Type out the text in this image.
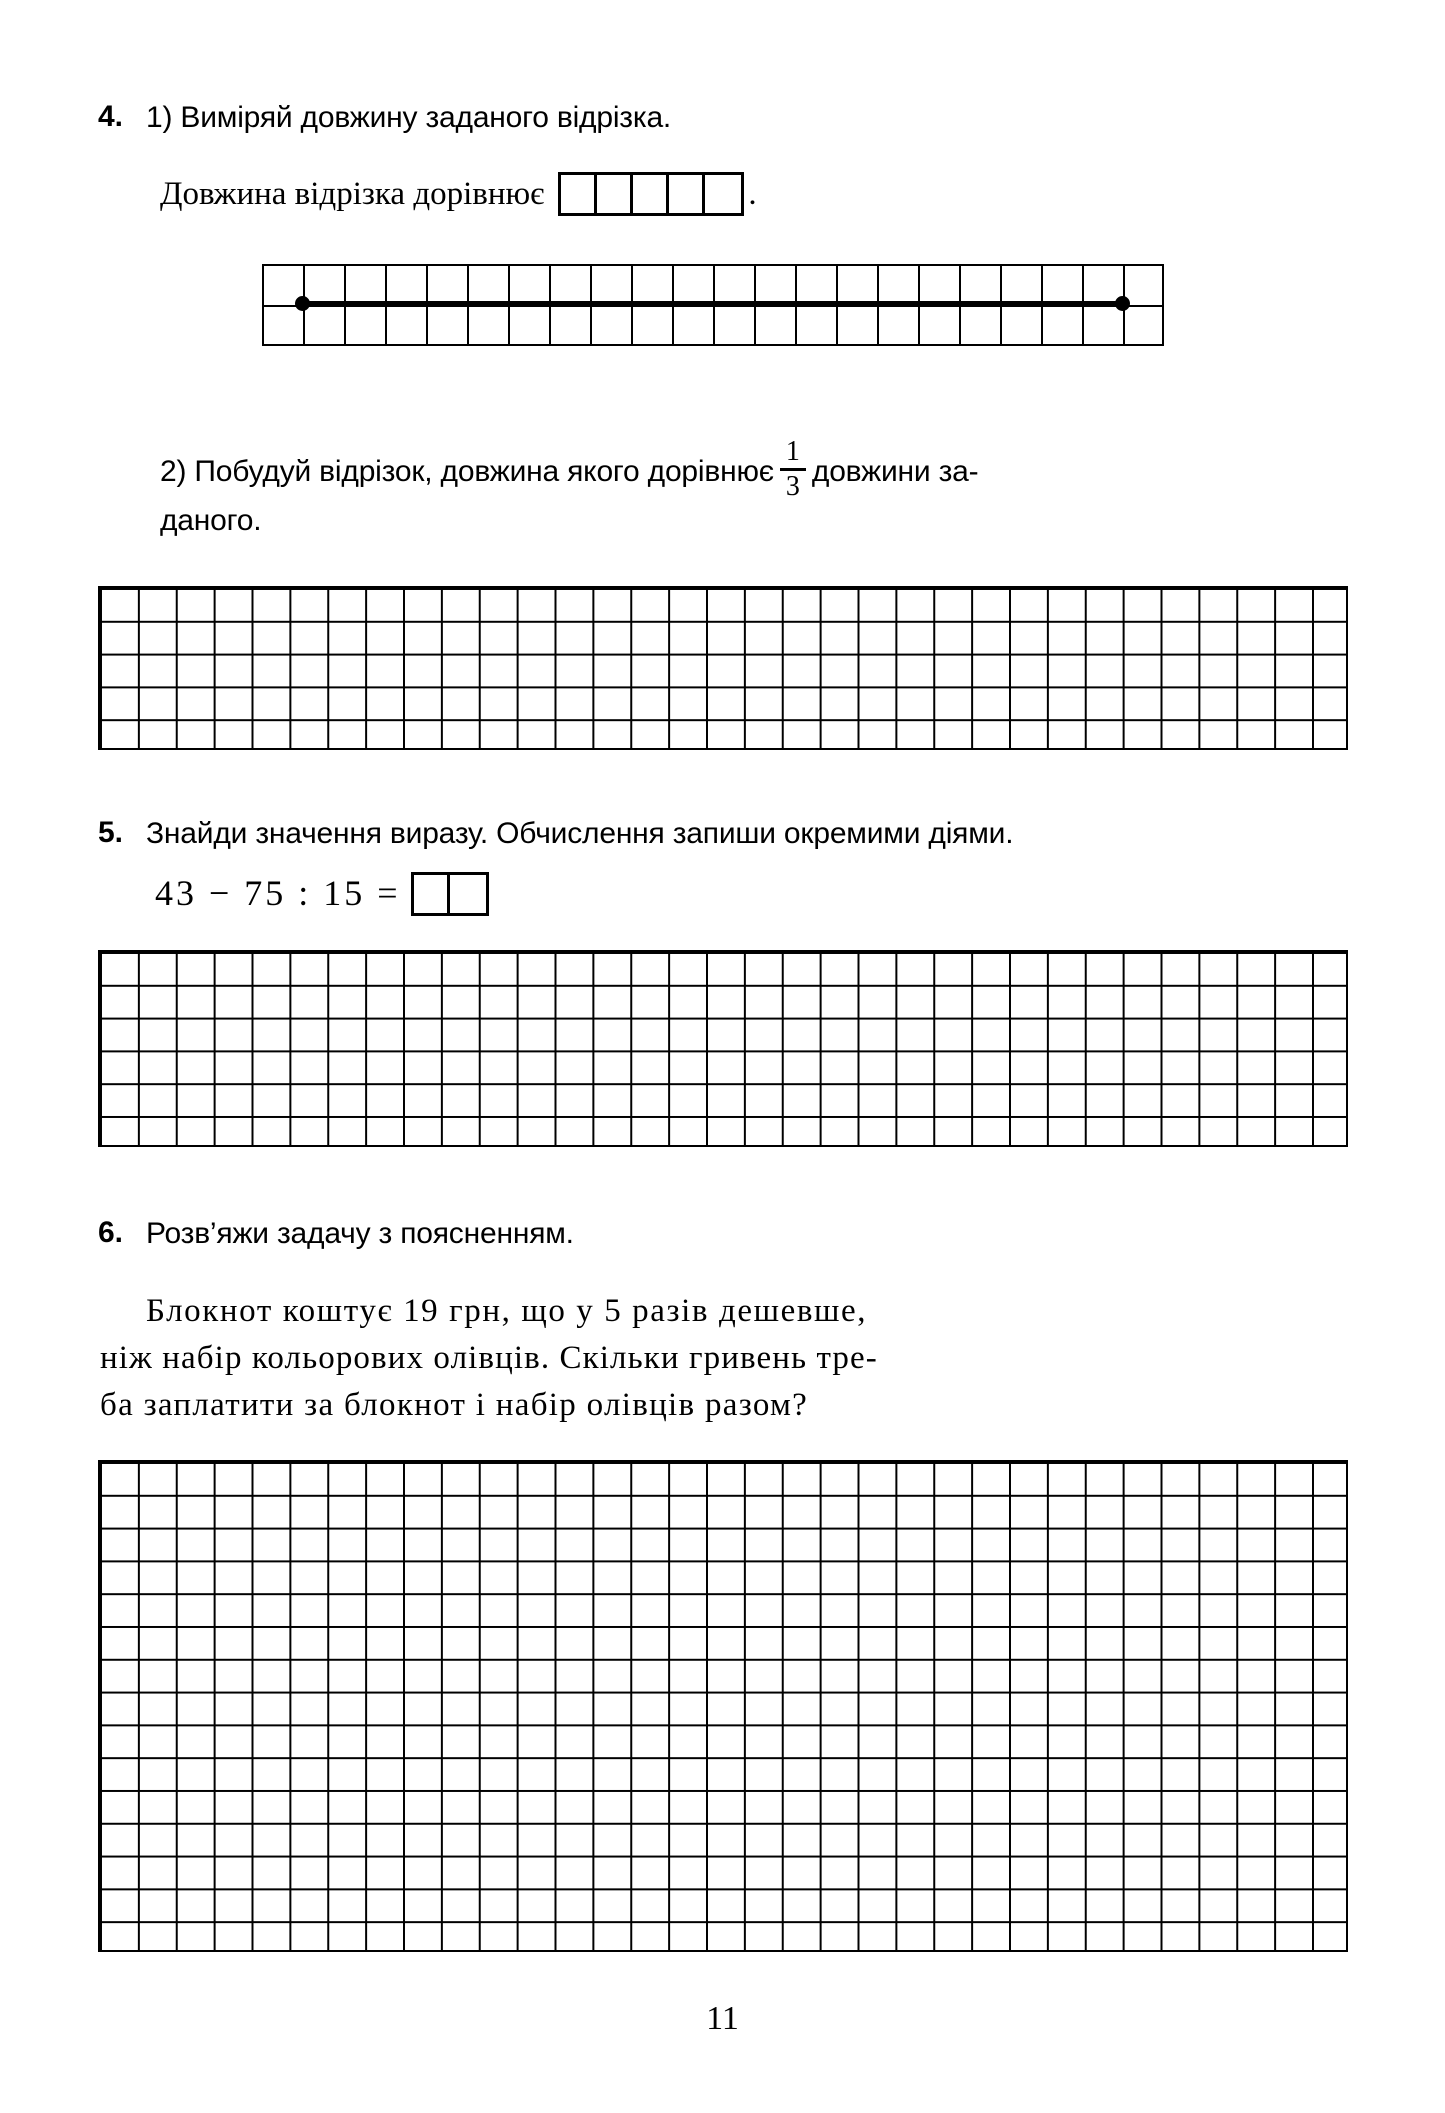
4. 1) Виміряй довжину заданого відрізка.
Довжина відрізка дорівнює	.
2) Побудуй відрізок, довжина якого дорівнює $\frac{1}{3}$ довжини за-
даного.
5. Знайди значення виразу. Обчислення запиши окремими діями.
43 − 75 : 15 =
6. Розв’яжи задачу з поясненням.
Блокнот коштує 19 грн, що у 5 разів дешевше,
ніж набір кольорових олівців. Скільки гривень тре-
ба заплатити за блокнот і набір олівців разом?
11
